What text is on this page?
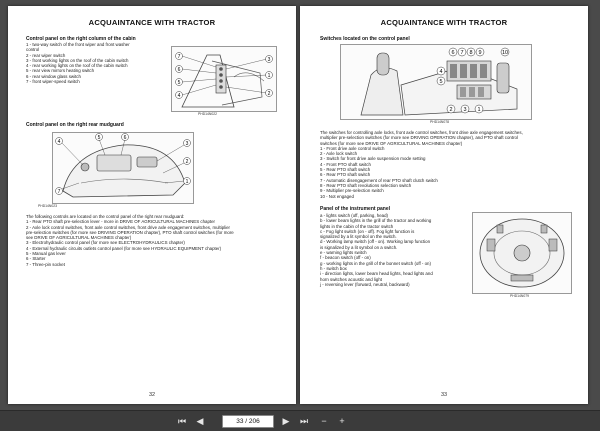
ACQUAINTANCE WITH TRACTOR
Control panel on the right column of the cabin
1 - two-way switch of the front wiper and front washer
control
2 - rear wiper switch
3 - front working lights on the roof of the cabin switch
4 - rear working lights on the roof of the cabin switch
5 - rear view mirrors heating switch
6 - rear window glass switch
7 - front wiper-speed switch
7
6
5
4
3
1
2
PHD14N022
Control panel on the right rear mudguard
4
5	6
3
2
7
1
PHD14N023
The following controls are located on the control panel of the right rear mudguard:
1 - Rear PTO shaft pre-selection lever - more in DRIVE OF AGRICULTURAL MACHINES chapter
2 - Axle lock control switches, front axle control switches, front drive axle engagement switches, multiplier
pre-selection switches (for more see DRIVING OPERATION chapter), PTO shaft control switches (for more
see DRIVE OF AGRICULTURAL MACHINES chapter)
3 - Electrohydraulic control panel (for more see ELECTROHYDRAULICS chapter)
4 - External hydraulic circuits outlets control panel (for more see HYDRAULIC EQUIPMENT chapter)
5 - Manual gas lever
6 - Starter
7 - Three-pin socket
32
ACQUAINTANCE WITH TRACTOR
Switches located on the control panel
6 7 8 9	10
4
5
2 3 1
PHD14N078
The switches for controlling axle locks, front axle control switches, front drive axle engagement switches,
multiplier pre-selection switches (for more see DRIVING OPERATION chapter), and PTO shaft control
switches (for more see DRIVE OF AGRICULTURAL MACHINES chapter)
1 - Front drive axle control switch
2 - Axle lock switch
3 - Switch for front drive axle suspension mode setting
4 - Front PTO shaft switch
5 - Rear PTO shaft switch
6 - Rear PTO shaft switch
7 - Automatic disengagement of rear PTO shaft clutch switch
8 - Rear PTO shaft revolutions selection switch
9 - Multiplier pre-selection switch
10 - Not engaged
Panel of the instrument panel
a - lights switch (off, parking, head)
b - lower beam lights in the grill of the tractor and working
lights in the cabin of the tractor switch
c - Fog light switch (on - off). Fog light function is
signalized by a lit symbol on the switch.
d - Working lamp switch (off - on). Working lamp function
is signalized by a lit symbol on a switch.
e - warning lights switch
f - beacon switch (off - on)
g - working lights in the grill of the bonnet switch (off - on)
h - switch box
i - direction lights, lower beam head lights, head lights and
horn switches acoustic and light
j - reversing lever (forward, neutral, backward)
PHD14N079
33
⏮ ◀	33 / 206	▶ ⏭	−	+
